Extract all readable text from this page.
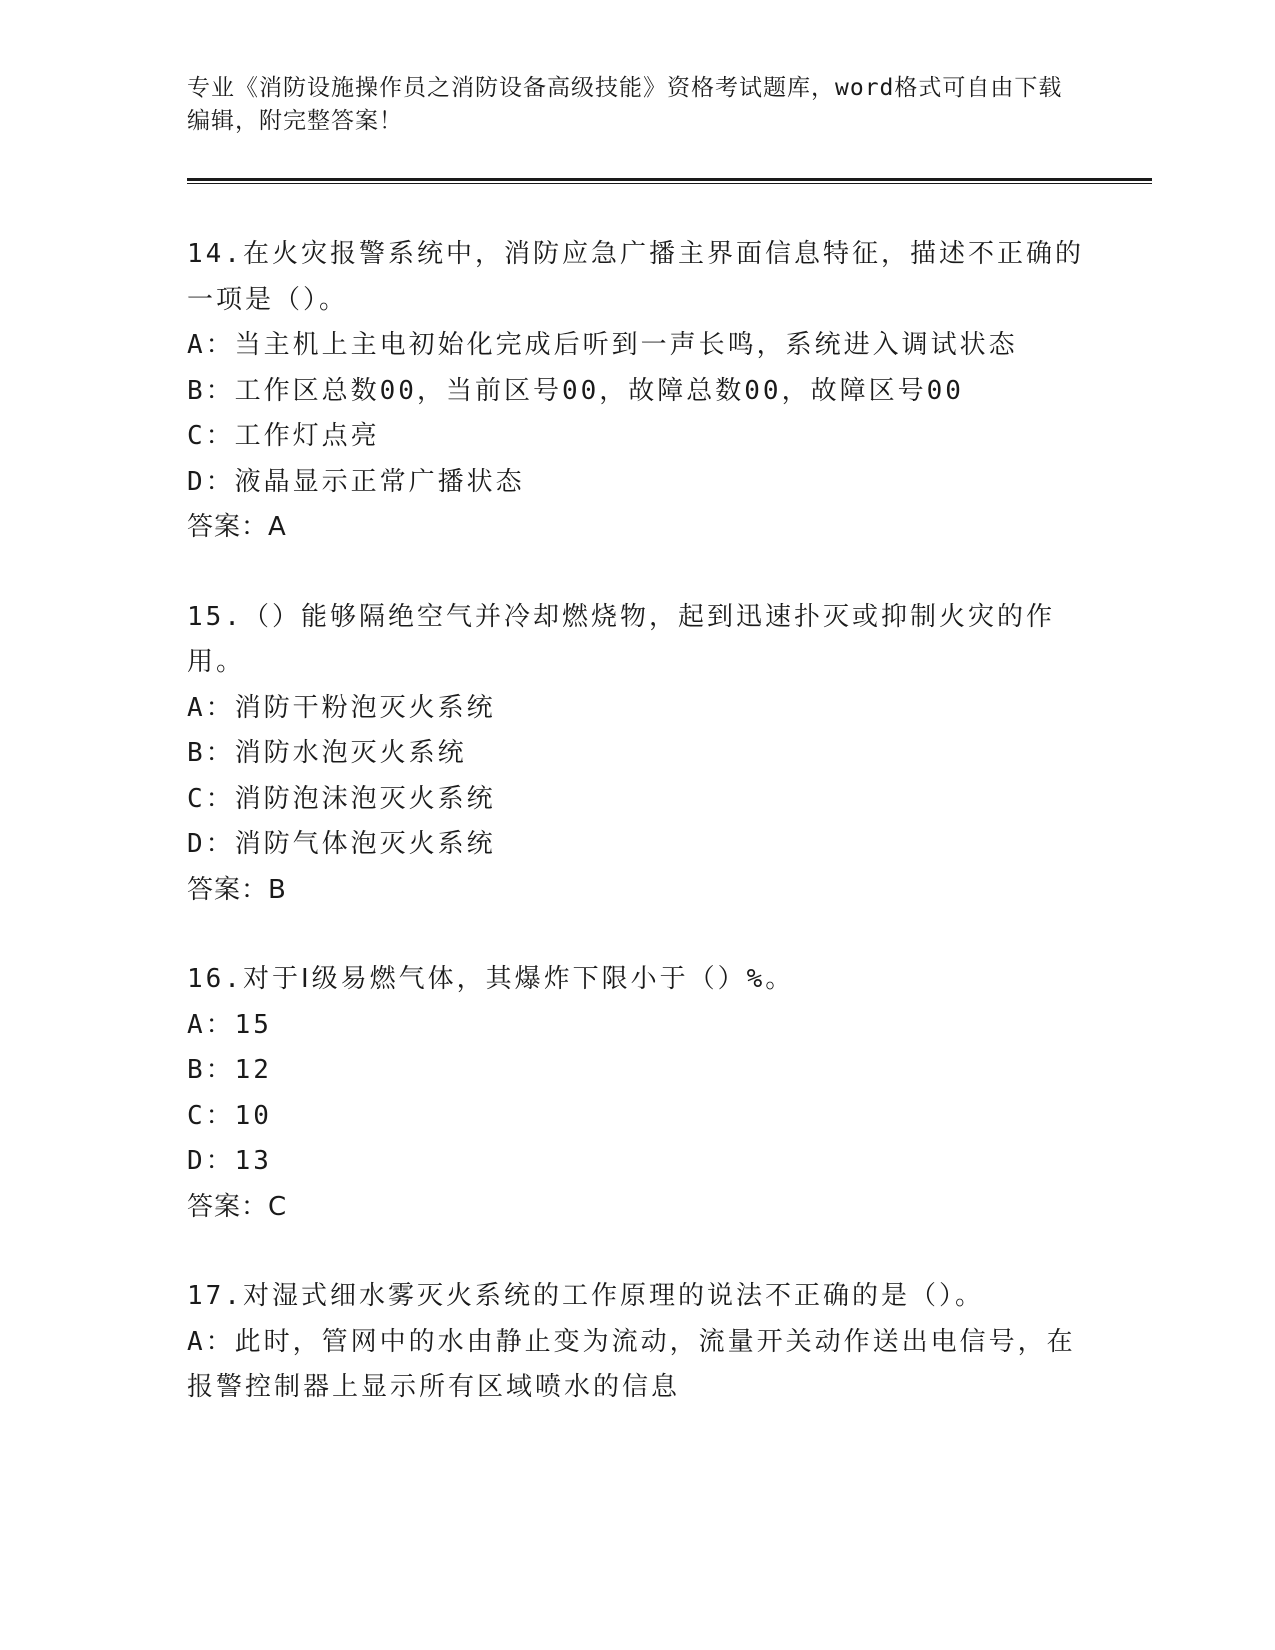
专业《消防设施操作员之消防设备高级技能》资格考试题库，word格式可自由下载编辑，附完整答案！
14.在火灾报警系统中，消防应急广播主界面信息特征，描述不正确的一项是（）。
A：当主机上主电初始化完成后听到一声长鸣，系统进入调试状态
B：工作区总数00，当前区号00，故障总数00，故障区号00
C：工作灯点亮
D：液晶显示正常广播状态
答案：A
15.（）能够隔绝空气并冷却燃烧物，起到迅速扑灭或抑制火灾的作用。
A：消防干粉泡灭火系统
B：消防水泡灭火系统
C：消防泡沫泡灭火系统
D：消防气体泡灭火系统
答案：B
16.对于Ⅰ级易燃气体，其爆炸下限小于（）%。
A：15
B：12
C：10
D：13
答案：C
17.对湿式细水雾灭火系统的工作原理的说法不正确的是（）。
A：此时，管网中的水由静止变为流动，流量开关动作送出电信号，在报警控制器上显示所有区域喷水的信息
